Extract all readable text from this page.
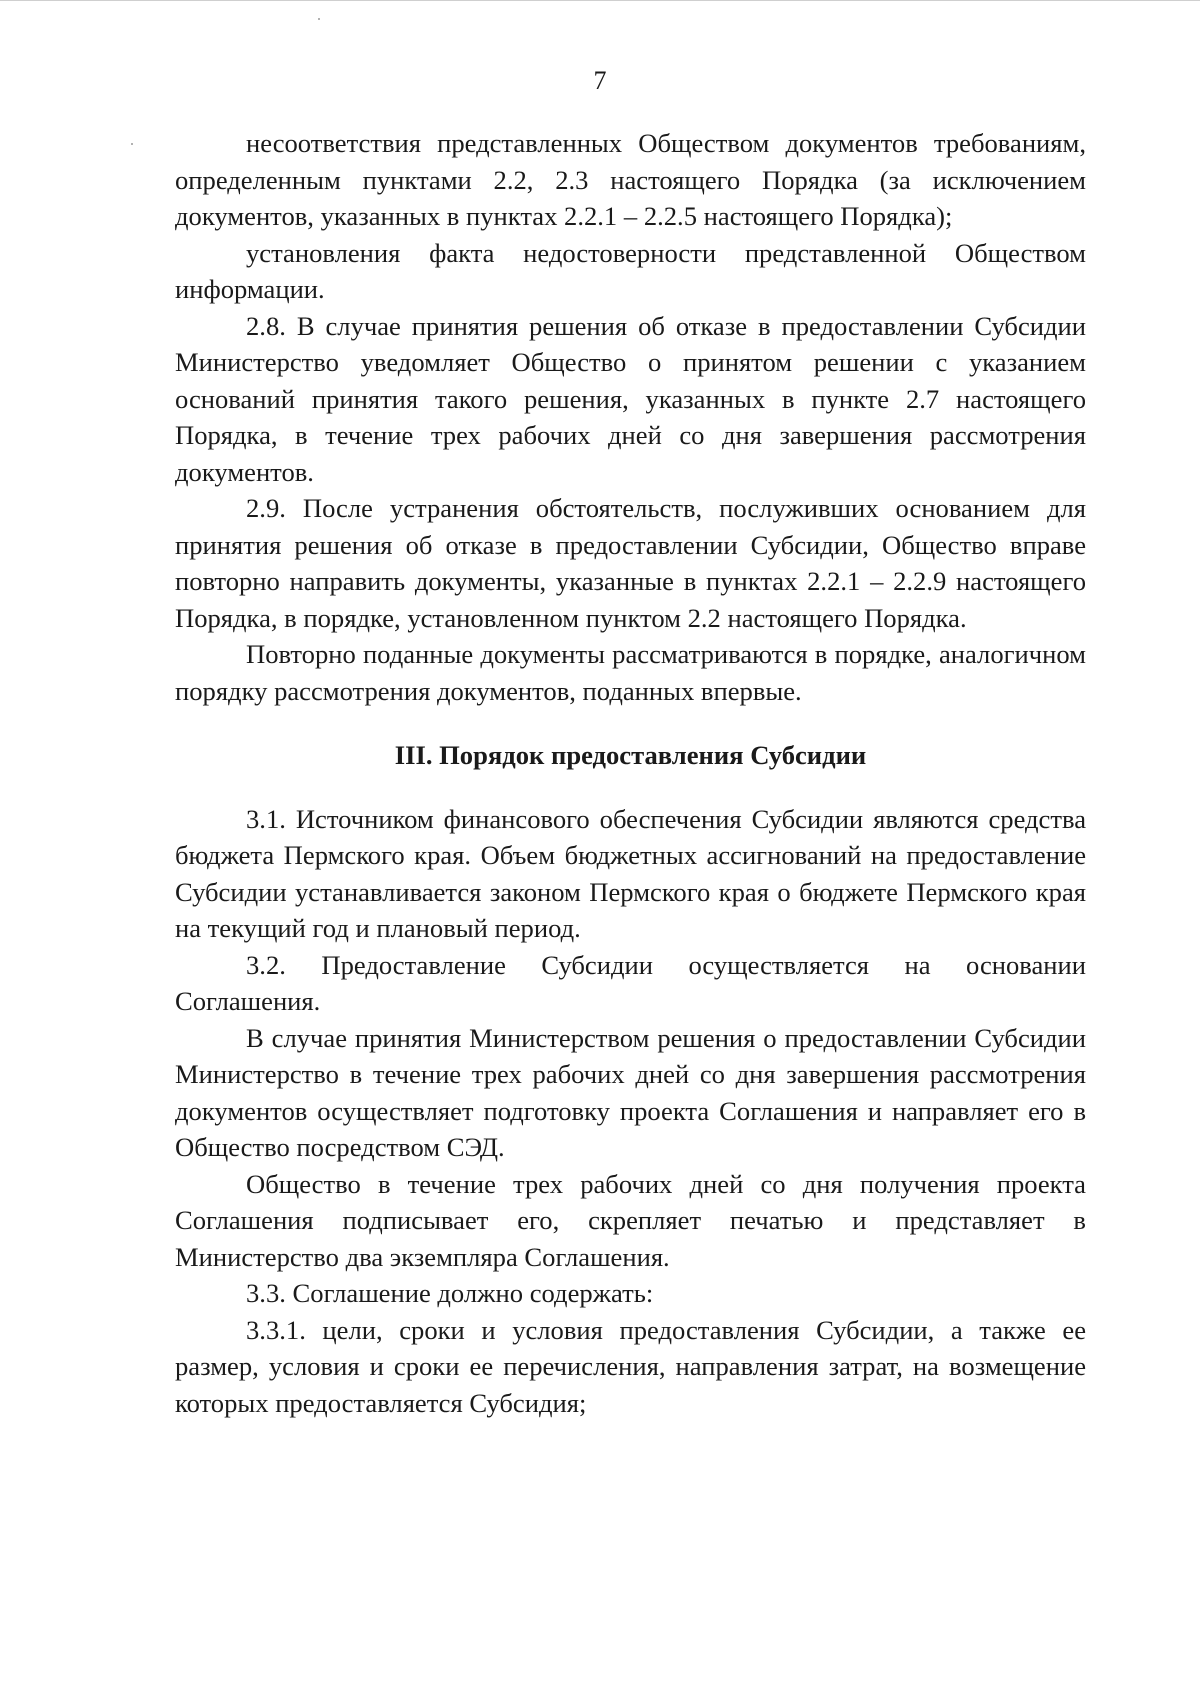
7

несоответствия представленных Обществом документов требованиям, определенным пунктами 2.2, 2.3 настоящего Порядка (за исключением документов, указанных в пунктах 2.2.1 – 2.2.5 настоящего Порядка);

установления факта недостоверности представленной Обществом информации.

2.8. В случае принятия решения об отказе в предоставлении Субсидии Министерство уведомляет Общество о принятом решении с указанием оснований принятия такого решения, указанных в пункте 2.7 настоящего Порядка, в течение трех рабочих дней со дня завершения рассмотрения документов.

2.9. После устранения обстоятельств, послуживших основанием для принятия решения об отказе в предоставлении Субсидии, Общество вправе повторно направить документы, указанные в пунктах 2.2.1 – 2.2.9 настоящего Порядка, в порядке, установленном пунктом 2.2 настоящего Порядка.

Повторно поданные документы рассматриваются в порядке, аналогичном порядку рассмотрения документов, поданных впервые.

III. Порядок предоставления Субсидии

3.1. Источником финансового обеспечения Субсидии являются средства бюджета Пермского края. Объем бюджетных ассигнований на предоставление Субсидии устанавливается законом Пермского края о бюджете Пермского края на текущий год и плановый период.

3.2. Предоставление Субсидии осуществляется на основании Соглашения.

В случае принятия Министерством решения о предоставлении Субсидии Министерство в течение трех рабочих дней со дня завершения рассмотрения документов осуществляет подготовку проекта Соглашения и направляет его в Общество посредством СЭД.

Общество в течение трех рабочих дней со дня получения проекта Соглашения подписывает его, скрепляет печатью и представляет в Министерство два экземпляра Соглашения.

3.3. Соглашение должно содержать:

3.3.1. цели, сроки и условия предоставления Субсидии, а также ее размер, условия и сроки ее перечисления, направления затрат, на возмещение которых предоставляется Субсидия;
